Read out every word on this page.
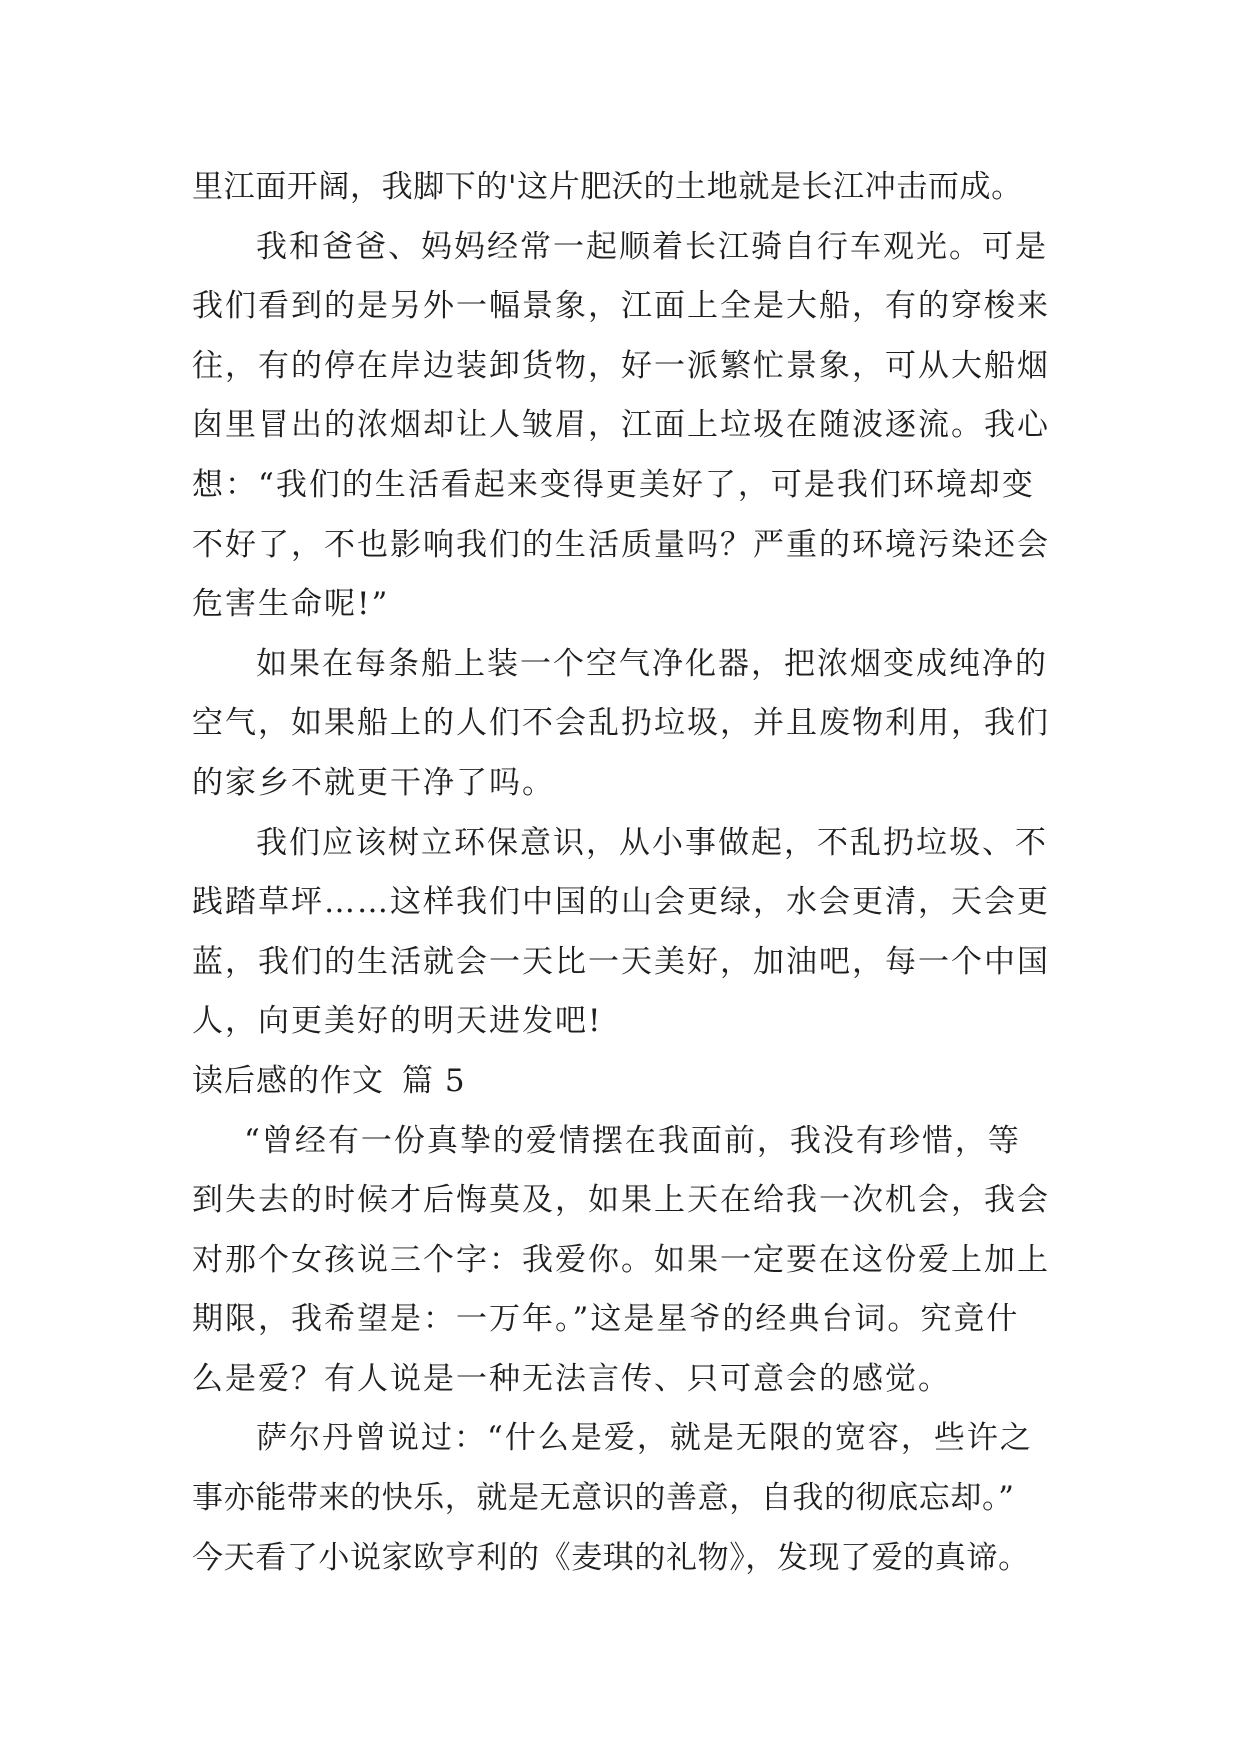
里江面开阔，我脚下的'这片肥沃的土地就是长江冲击而成。
我和爸爸、妈妈经常一起顺着长江骑自行车观光。可是
我们看到的是另外一幅景象，江面上全是大船，有的穿梭来
往，有的停在岸边装卸货物，好一派繁忙景象，可从大船烟
囱里冒出的浓烟却让人皱眉，江面上垃圾在随波逐流。我心
想：“我们的生活看起来变得更美好了，可是我们环境却变
不好了，不也影响我们的生活质量吗？严重的环境污染还会
危害生命呢!”
如果在每条船上装一个空气净化器，把浓烟变成纯净的
空气，如果船上的人们不会乱扔垃圾，并且废物利用，我们
的家乡不就更干净了吗。
我们应该树立环保意识，从小事做起，不乱扔垃圾、不
践踏草坪……这样我们中国的山会更绿，水会更清，天会更
蓝，我们的生活就会一天比一天美好，加油吧，每一个中国
人，向更美好的明天进发吧!
读后感的作文 篇 5
“曾经有一份真挚的爱情摆在我面前，我没有珍惜，等
到失去的时候才后悔莫及，如果上天在给我一次机会，我会
对那个女孩说三个字：我爱你。如果一定要在这份爱上加上
期限，我希望是：一万年。”这是星爷的经典台词。究竟什
么是爱？有人说是一种无法言传、只可意会的感觉。
萨尔丹曾说过：“什么是爱，就是无限的宽容，些许之
事亦能带来的快乐，就是无意识的善意，自我的彻底忘却。”
今天看了小说家欧亨利的《麦琪的礼物》，发现了爱的真谛。
